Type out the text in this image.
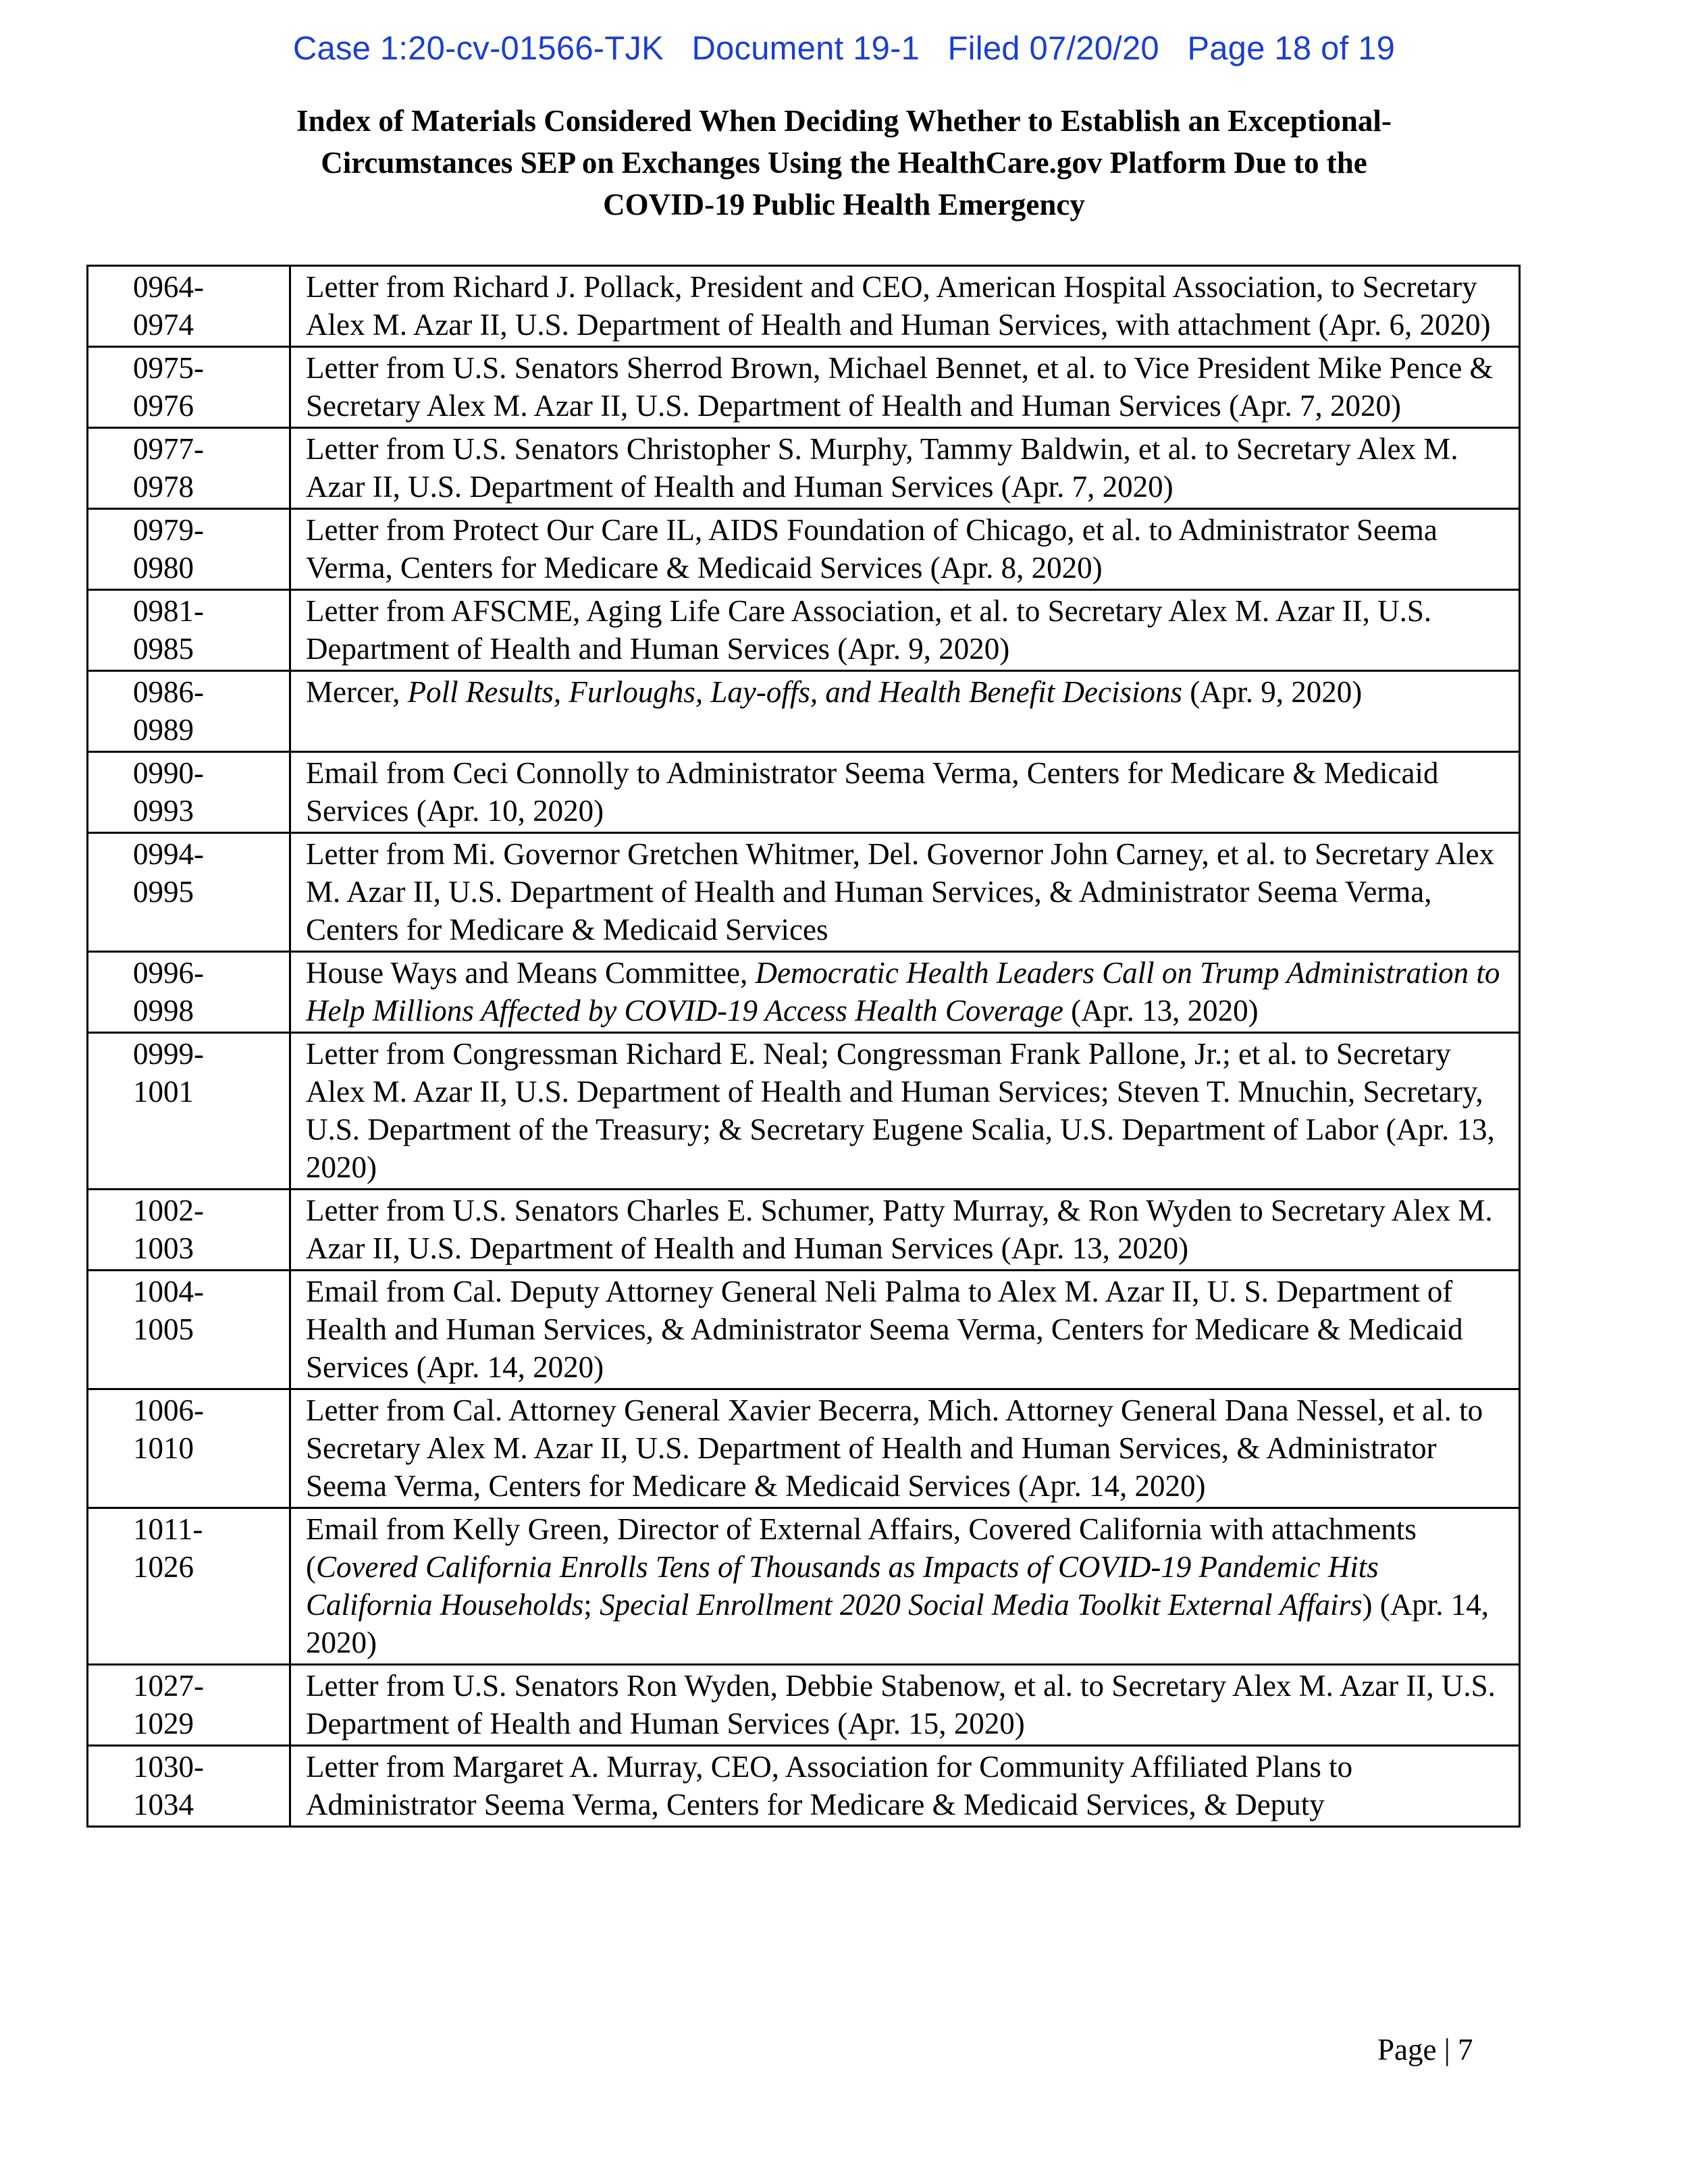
Case 1:20-cv-01566-TJK Document 19-1 Filed 07/20/20 Page 18 of 19
Index of Materials Considered When Deciding Whether to Establish an Exceptional-
Circumstances SEP on Exchanges Using the HealthCare.gov Platform Due to the
COVID-19 Public Health Emergency
0964-
0974	Letter from Richard J. Pollack, President and CEO, American Hospital Association, to Secretary Alex M. Azar II, U.S. Department of Health and Human Services, with attachment (Apr. 6, 2020)

0975-
0976	Letter from U.S. Senators Sherrod Brown, Michael Bennet, et al. to Vice President Mike Pence & Secretary Alex M. Azar II, U.S. Department of Health and Human Services (Apr. 7, 2020)

0977-
0978	Letter from U.S. Senators Christopher S. Murphy, Tammy Baldwin, et al. to Secretary Alex M. Azar II, U.S. Department of Health and Human Services (Apr. 7, 2020)

0979-
0980	Letter from Protect Our Care IL, AIDS Foundation of Chicago, et al. to Administrator Seema Verma, Centers for Medicare & Medicaid Services (Apr. 8, 2020)

0981-
0985	Letter from AFSCME, Aging Life Care Association, et al. to Secretary Alex M. Azar II, U.S. Department of Health and Human Services (Apr. 9, 2020)

0986-
0989	Mercer, Poll Results, Furloughs, Lay-offs, and Health Benefit Decisions (Apr. 9, 2020)

0990-
0993	Email from Ceci Connolly to Administrator Seema Verma, Centers for Medicare & Medicaid Services (Apr. 10, 2020)

0994-
0995	Letter from Mi. Governor Gretchen Whitmer, Del. Governor John Carney, et al. to Secretary Alex M. Azar II, U.S. Department of Health and Human Services, & Administrator Seema Verma, Centers for Medicare & Medicaid Services

0996-
0998	House Ways and Means Committee, Democratic Health Leaders Call on Trump Administration to Help Millions Affected by COVID-19 Access Health Coverage (Apr. 13, 2020)

0999-
1001	Letter from Congressman Richard E. Neal; Congressman Frank Pallone, Jr.; et al. to Secretary Alex M. Azar II, U.S. Department of Health and Human Services; Steven T. Mnuchin, Secretary, U.S. Department of the Treasury; & Secretary Eugene Scalia, U.S. Department of Labor (Apr. 13, 2020)

1002-
1003	Letter from U.S. Senators Charles E. Schumer, Patty Murray, & Ron Wyden to Secretary Alex M. Azar II, U.S. Department of Health and Human Services (Apr. 13, 2020)

1004-
1005	Email from Cal. Deputy Attorney General Neli Palma to Alex M. Azar II, U. S. Department of Health and Human Services, & Administrator Seema Verma, Centers for Medicare & Medicaid Services (Apr. 14, 2020)

1006-
1010	Letter from Cal. Attorney General Xavier Becerra, Mich. Attorney General Dana Nessel, et al. to Secretary Alex M. Azar II, U.S. Department of Health and Human Services, & Administrator Seema Verma, Centers for Medicare & Medicaid Services (Apr. 14, 2020)

1011-
1026	Email from Kelly Green, Director of External Affairs, Covered California with attachments (Covered California Enrolls Tens of Thousands as Impacts of COVID-19 Pandemic Hits California Households; Special Enrollment 2020 Social Media Toolkit External Affairs) (Apr. 14, 2020)

1027-
1029	Letter from U.S. Senators Ron Wyden, Debbie Stabenow, et al. to Secretary Alex M. Azar II, U.S. Department of Health and Human Services (Apr. 15, 2020)

1030-
1034	Letter from Margaret A. Murray, CEO, Association for Community Affiliated Plans to Administrator Seema Verma, Centers for Medicare & Medicaid Services, & Deputy
Page | 7
